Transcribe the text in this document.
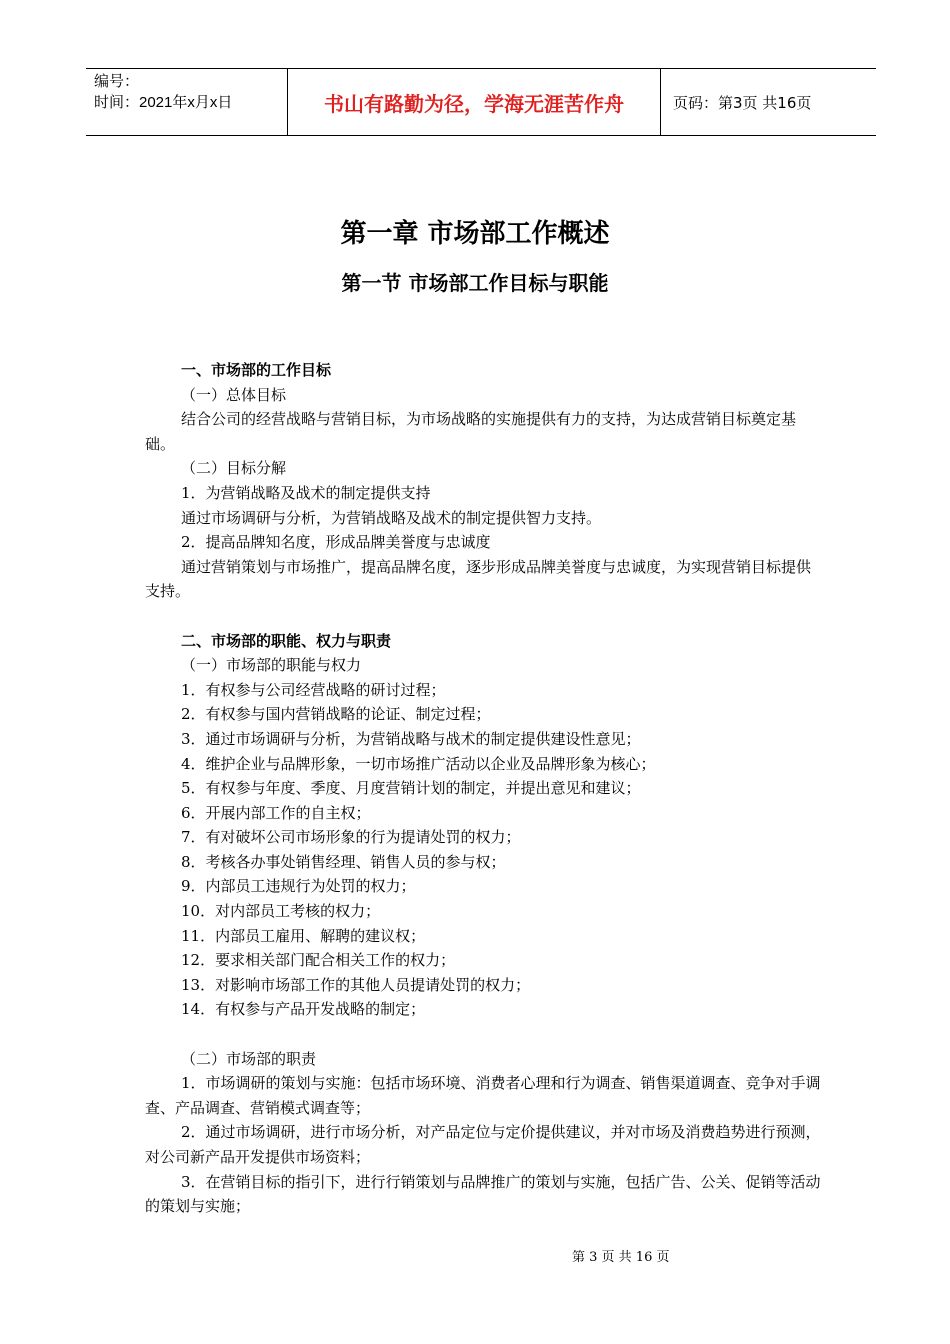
编号：
时间：2021年x月x日	书山有路勤为径，学海无涯苦作舟	页码：第3页 共16页
第一章 市场部工作概述
第一节 市场部工作目标与职能

一、市场部的工作目标

（一）总体目标

结合公司的经营战略与营销目标，为市场战略的实施提供有力的支持，为达成营销目标奠定基础。

（二）目标分解

1．为营销战略及战术的制定提供支持

通过市场调研与分析，为营销战略及战术的制定提供智力支持。

2．提高品牌知名度，形成品牌美誉度与忠诚度

通过营销策划与市场推广，提高品牌名度，逐步形成品牌美誉度与忠诚度，为实现营销目标提供支持。

二、市场部的职能、权力与职责

（一）市场部的职能与权力

1．有权参与公司经营战略的研讨过程；

2．有权参与国内营销战略的论证、制定过程；

3．通过市场调研与分析，为营销战略与战术的制定提供建设性意见；

4．维护企业与品牌形象，一切市场推广活动以企业及品牌形象为核心；

5．有权参与年度、季度、月度营销计划的制定，并提出意见和建议；

6．开展内部工作的自主权；

7．有对破坏公司市场形象的行为提请处罚的权力；

8．考核各办事处销售经理、销售人员的参与权；

9．内部员工违规行为处罚的权力；

10．对内部员工考核的权力；

11．内部员工雇用、解聘的建议权；

12．要求相关部门配合相关工作的权力；

13．对影响市场部工作的其他人员提请处罚的权力；

14．有权参与产品开发战略的制定；

（二）市场部的职责

1．市场调研的策划与实施：包括市场环境、消费者心理和行为调查、销售渠道调查、竞争对手调查、产品调查、营销模式调查等；

2．通过市场调研，进行市场分析，对产品定位与定价提供建议，并对市场及消费趋势进行预测，对公司新产品开发提供市场资料；

3．在营销目标的指引下，进行行销策划与品牌推广的策划与实施，包括广告、公关、促销等活动的策划与实施；

第 3 页 共 16 页
